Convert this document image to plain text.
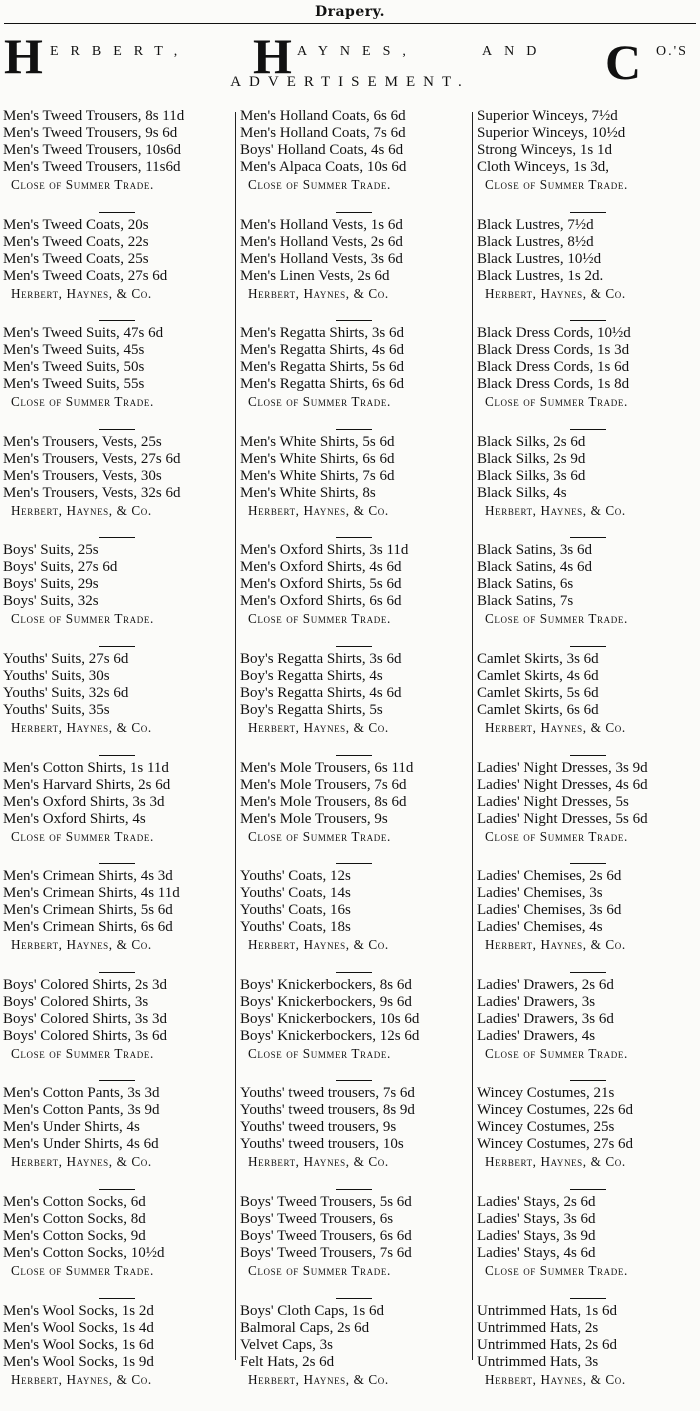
Drapery.
H ERBERT, H AYNES,	AND C O.'S
ADVERTISEMENT.
Men's Tweed Trousers, 8s 11d
Men's Tweed Trousers, 9s 6d
Men's Tweed Trousers, 10s6d
Men's Tweed Trousers, 11s6d
Close of Summer Trade.
Men's Tweed Coats, 20s
Men's Tweed Coats, 22s
Men's Tweed Coats, 25s
Men's Tweed Coats, 27s 6d
Herbert, Haynes, & Co.
Men's Tweed Suits, 47s 6d
Men's Tweed Suits, 45s
Men's Tweed Suits, 50s
Men's Tweed Suits, 55s
Close of Summer Trade.
Men's Trousers, Vests, 25s
Men's Trousers, Vests, 27s 6d
Men's Trousers, Vests, 30s
Men's Trousers, Vests, 32s 6d
Herbert, Haynes, & Co.
Boys' Suits, 25s
Boys' Suits, 27s 6d
Boys' Suits, 29s
Boys' Suits, 32s
Close of Summer Trade.
Youths' Suits, 27s 6d
Youths' Suits, 30s
Youths' Suits, 32s 6d
Youths' Suits, 35s
Herbert, Haynes, & Co.
Men's Cotton Shirts, 1s 11d
Men's Harvard Shirts, 2s 6d
Men's Oxford Shirts, 3s 3d
Men's Oxford Shirts, 4s
Close of Summer Trade.
Men's Crimean Shirts, 4s 3d
Men's Crimean Shirts, 4s 11d
Men's Crimean Shirts, 5s 6d
Men's Crimean Shirts, 6s 6d
Herbert, Haynes, & Co.
Boys' Colored Shirts, 2s 3d
Boys' Colored Shirts, 3s
Boys' Colored Shirts, 3s 3d
Boys' Colored Shirts, 3s 6d
Close of Summer Trade.
Men's Cotton Pants, 3s 3d
Men's Cotton Pants, 3s 9d
Men's Under Shirts, 4s
Men's Under Shirts, 4s 6d
Herbert, Haynes, & Co.
Men's Cotton Socks, 6d
Men's Cotton Socks, 8d
Men's Cotton Socks, 9d
Men's Cotton Socks, 10½d
Close of Summer Trade.
Men's Wool Socks, 1s 2d
Men's Wool Socks, 1s 4d
Men's Wool Socks, 1s 6d
Men's Wool Socks, 1s 9d
Herbert, Haynes, & Co.
Men's Holland Coats, 6s 6d
Men's Holland Coats, 7s 6d
Boys' Holland Coats, 4s 6d
Men's Alpaca Coats, 10s 6d
Close of Summer Trade.
Men's Holland Vests, 1s 6d
Men's Holland Vests, 2s 6d
Men's Holland Vests, 3s 6d
Men's Linen Vests, 2s 6d
Herbert, Haynes, & Co.
Men's Regatta Shirts, 3s 6d
Men's Regatta Shirts, 4s 6d
Men's Regatta Shirts, 5s 6d
Men's Regatta Shirts, 6s 6d
Close of Summer Trade.
Men's White Shirts, 5s 6d
Men's White Shirts, 6s 6d
Men's White Shirts, 7s 6d
Men's White Shirts, 8s
Herbert, Haynes, & Co.
Men's Oxford Shirts, 3s 11d
Men's Oxford Shirts, 4s 6d
Men's Oxford Shirts, 5s 6d
Men's Oxford Shirts, 6s 6d
Close of Summer Trade.
Boy's Regatta Shirts, 3s 6d
Boy's Regatta Shirts, 4s
Boy's Regatta Shirts, 4s 6d
Boy's Regatta Shirts, 5s
Herbert, Haynes, & Co.
Men's Mole Trousers, 6s 11d
Men's Mole Trousers, 7s 6d
Men's Mole Trousers, 8s 6d
Men's Mole Trousers, 9s
Close of Summer Trade.
Youths' Coats, 12s
Youths' Coats, 14s
Youths' Coats, 16s
Youths' Coats, 18s
Herbert, Haynes, & Co.
Boys' Knickerbockers, 8s 6d
Boys' Knickerbockers, 9s 6d
Boys' Knickerbockers, 10s 6d
Boys' Knickerbockers, 12s 6d
Close of Summer Trade.
Youths' tweed trousers, 7s 6d
Youths' tweed trousers, 8s 9d
Youths' tweed trousers, 9s
Youths' tweed trousers, 10s
Herbert, Haynes, & Co.
Boys' Tweed Trousers, 5s 6d
Boys' Tweed Trousers, 6s
Boys' Tweed Trousers, 6s 6d
Boys' Tweed Trousers, 7s 6d
Close of Summer Trade.
Boys' Cloth Caps, 1s 6d
Balmoral Caps, 2s 6d
Velvet Caps, 3s
Felt Hats, 2s 6d
Herbert, Haynes, & Co.
Superior Winceys, 7½d
Superior Winceys, 10½d
Strong Winceys, 1s 1d
Cloth Winceys, 1s 3d,
Close of Summer Trade.
Black Lustres, 7½d
Black Lustres, 8½d
Black Lustres, 10½d
Black Lustres, 1s 2d.
Herbert, Haynes, & Co.
Black Dress Cords, 10½d
Black Dress Cords, 1s 3d
Black Dress Cords, 1s 6d
Black Dress Cords, 1s 8d
Close of Summer Trade.
Black Silks, 2s 6d
Black Silks, 2s 9d
Black Silks, 3s 6d
Black Silks, 4s
Herbert, Haynes, & Co.
Black Satins, 3s 6d
Black Satins, 4s 6d
Black Satins, 6s
Black Satins, 7s
Close of Summer Trade.
Camlet Skirts, 3s 6d
Camlet Skirts, 4s 6d
Camlet Skirts, 5s 6d
Camlet Skirts, 6s 6d
Herbert, Haynes, & Co.
Ladies' Night Dresses, 3s 9d
Ladies' Night Dresses, 4s 6d
Ladies' Night Dresses, 5s
Ladies' Night Dresses, 5s 6d
Close of Summer Trade.
Ladies' Chemises, 2s 6d
Ladies' Chemises, 3s
Ladies' Chemises, 3s 6d
Ladies' Chemises, 4s
Herbert, Haynes, & Co.
Ladies' Drawers, 2s 6d
Ladies' Drawers, 3s
Ladies' Drawers, 3s 6d
Ladies' Drawers, 4s
Close of Summer Trade.
Wincey Costumes, 21s
Wincey Costumes, 22s 6d
Wincey Costumes, 25s
Wincey Costumes, 27s 6d
Herbert, Haynes, & Co.
Ladies' Stays, 2s 6d
Ladies' Stays, 3s 6d
Ladies' Stays, 3s 9d
Ladies' Stays, 4s 6d
Close of Summer Trade.
Untrimmed Hats, 1s 6d
Untrimmed Hats, 2s
Untrimmed Hats, 2s 6d
Untrimmed Hats, 3s
Herbert, Haynes, & Co.
